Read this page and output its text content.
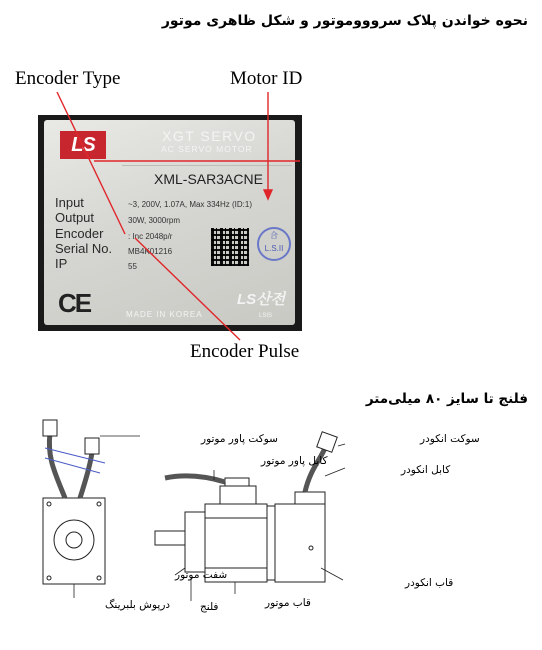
نحوه خواندن پلاک سروووموتور و شکل ظاهری موتور
LS	XGT SERVO
AC SERVO MOTOR
XML-SAR3ACNE
Input	~3, 200V, 1.07A, Max 334Hz (ID:1)
Output	30W, 3000rpm
Encoder	: Inc 2048p/r
Serial No. MB4K01216
IP	55
合
L.S.II
CE	LS산전
MADE IN KOREA	LSIS
Encoder Type	Motor ID
Encoder Pulse
فلنج تا سایز ۸۰ میلی‌متر
سوکت پاور موتور
کابل پاور موتور
سوکت انکودر
کابل انکودر
شفت موتور
درپوش بلبرینگ	فلنج	قاب موتور
قاب انکودر
